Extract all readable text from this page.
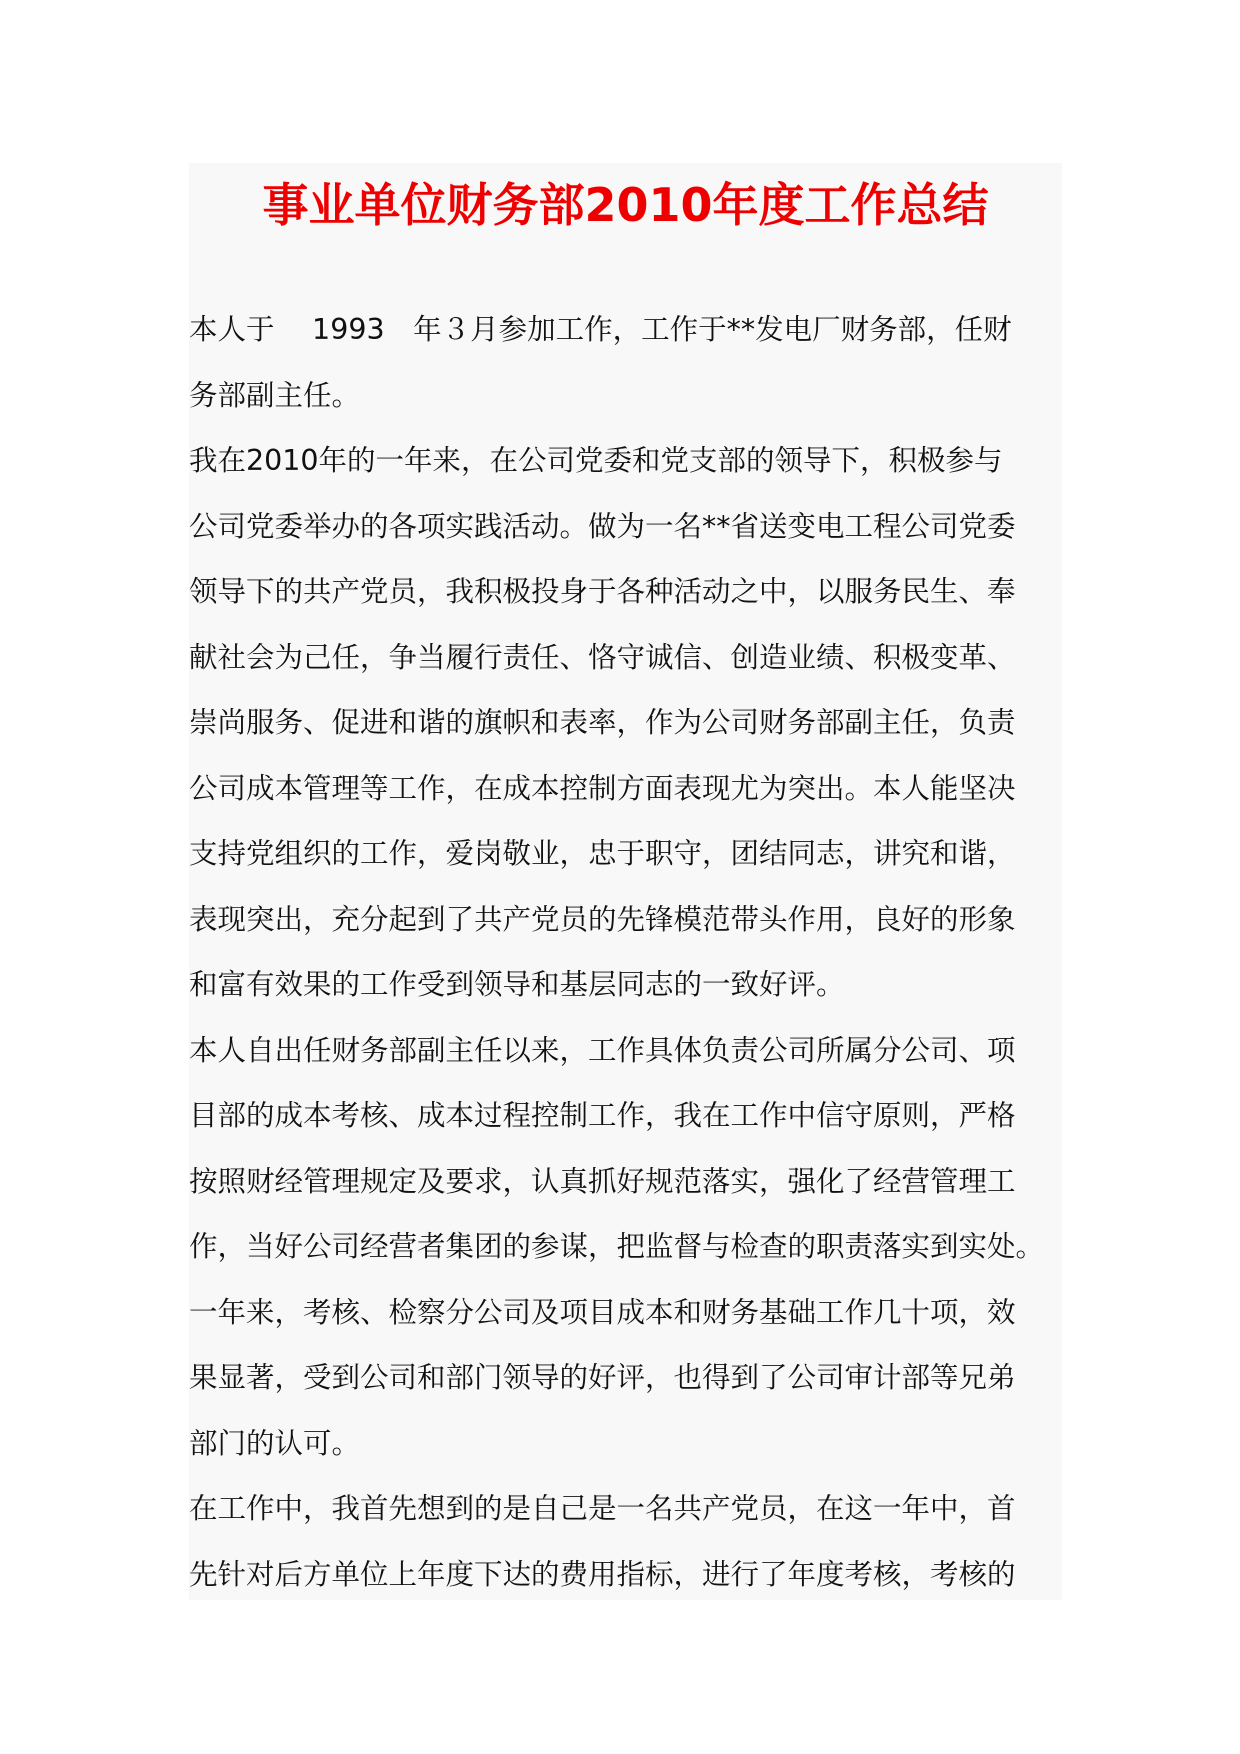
事业单位财务部2010年度工作总结
本人于　 1993　年３月参加工作，工作于**发电厂财务部，任财
务部副主任。
我在2010年的一年来，在公司党委和党支部的领导下，积极参与
公司党委举办的各项实践活动。做为一名**省送变电工程公司党委
领导下的共产党员，我积极投身于各种活动之中，以服务民生、奉
献社会为己任，争当履行责任、恪守诚信、创造业绩、积极变革、
崇尚服务、促进和谐的旗帜和表率，作为公司财务部副主任，负责
公司成本管理等工作，在成本控制方面表现尤为突出。本人能坚决
支持党组织的工作，爱岗敬业，忠于职守，团结同志，讲究和谐，
表现突出，充分起到了共产党员的先锋模范带头作用，良好的形象
和富有效果的工作受到领导和基层同志的一致好评。
本人自出任财务部副主任以来，工作具体负责公司所属分公司、项
目部的成本考核、成本过程控制工作，我在工作中信守原则，严格
按照财经管理规定及要求，认真抓好规范落实，强化了经营管理工
作，当好公司经营者集团的参谋，把监督与检查的职责落实到实处。
一年来，考核、检察分公司及项目成本和财务基础工作几十项，效
果显著，受到公司和部门领导的好评，也得到了公司审计部等兄弟
部门的认可。
在工作中，我首先想到的是自己是一名共产党员，在这一年中，首
先针对后方单位上年度下达的费用指标，进行了年度考核，考核的
